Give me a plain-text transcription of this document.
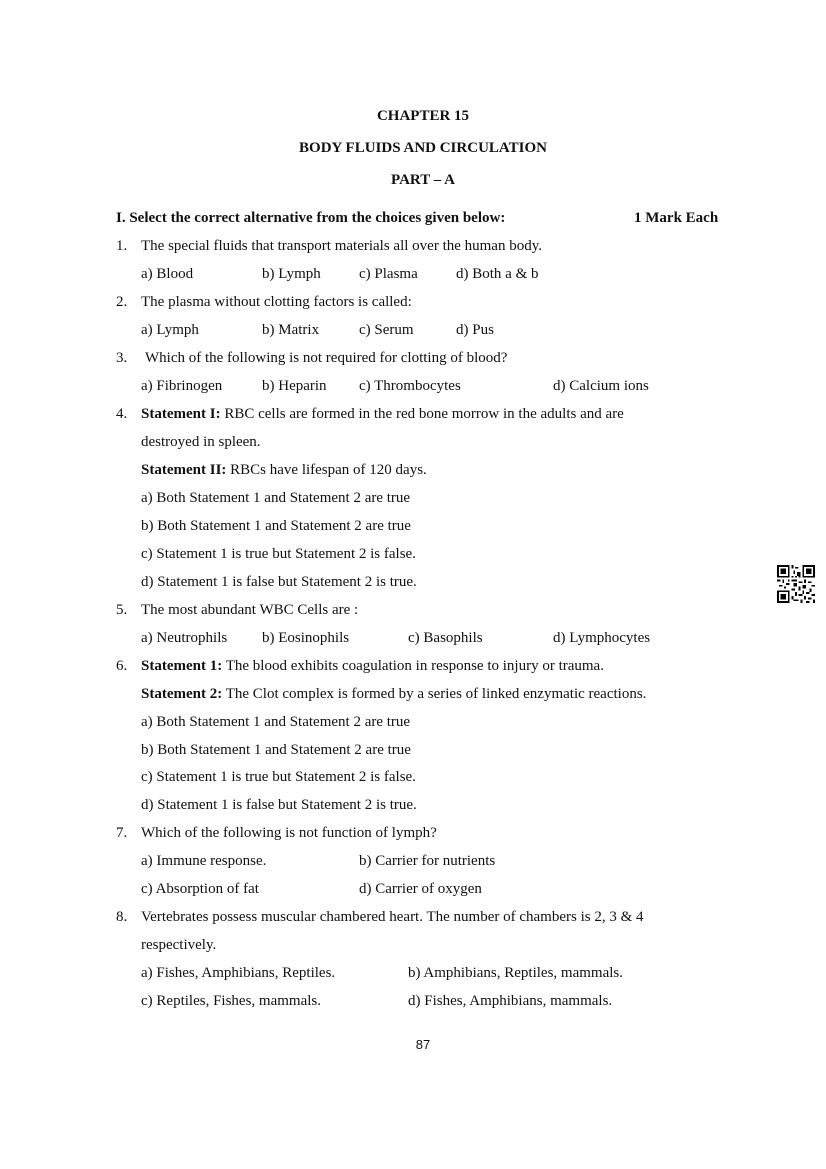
CHAPTER 15
BODY FLUIDS AND CIRCULATION
PART – A
I. Select the correct alternative from the choices given below:	1 Mark Each
1. The special fluids that transport materials all over the human body.
a) Blood	b) Lymph	c) Plasma	d) Both a & b
2. The plasma without clotting factors is called:
a) Lymph	b) Matrix	c) Serum	d) Pus
3. Which of the following is not required for clotting of blood?
a) Fibrinogen	b) Heparin c) Thrombocytes	d) Calcium ions
4. Statement I: RBC cells are formed in the red bone morrow in the adults and are
destroyed in spleen.
Statement II: RBCs have lifespan of 120 days.
a) Both Statement 1 and Statement 2 are true
b) Both Statement 1 and Statement 2 are true
c) Statement 1 is true but Statement 2 is false.
d) Statement 1 is false but Statement 2 is true.
5. The most abundant WBC Cells are :
a) Neutrophils b) Eosinophils	c) Basophils	d) Lymphocytes
6. Statement 1: The blood exhibits coagulation in response to injury or trauma.
Statement 2: The Clot complex is formed by a series of linked enzymatic reactions.
a) Both Statement 1 and Statement 2 are true
b) Both Statement 1 and Statement 2 are true
c) Statement 1 is true but Statement 2 is false.
d) Statement 1 is false but Statement 2 is true.
7. Which of the following is not function of lymph?
a) Immune response.	b) Carrier for nutrients
c) Absorption of fat	d) Carrier of oxygen
8. Vertebrates possess muscular chambered heart. The number of chambers is 2, 3 & 4
respectively.
a) Fishes, Amphibians, Reptiles.	b) Amphibians, Reptiles, mammals.
c) Reptiles, Fishes, mammals.	d) Fishes, Amphibians, mammals.
87
